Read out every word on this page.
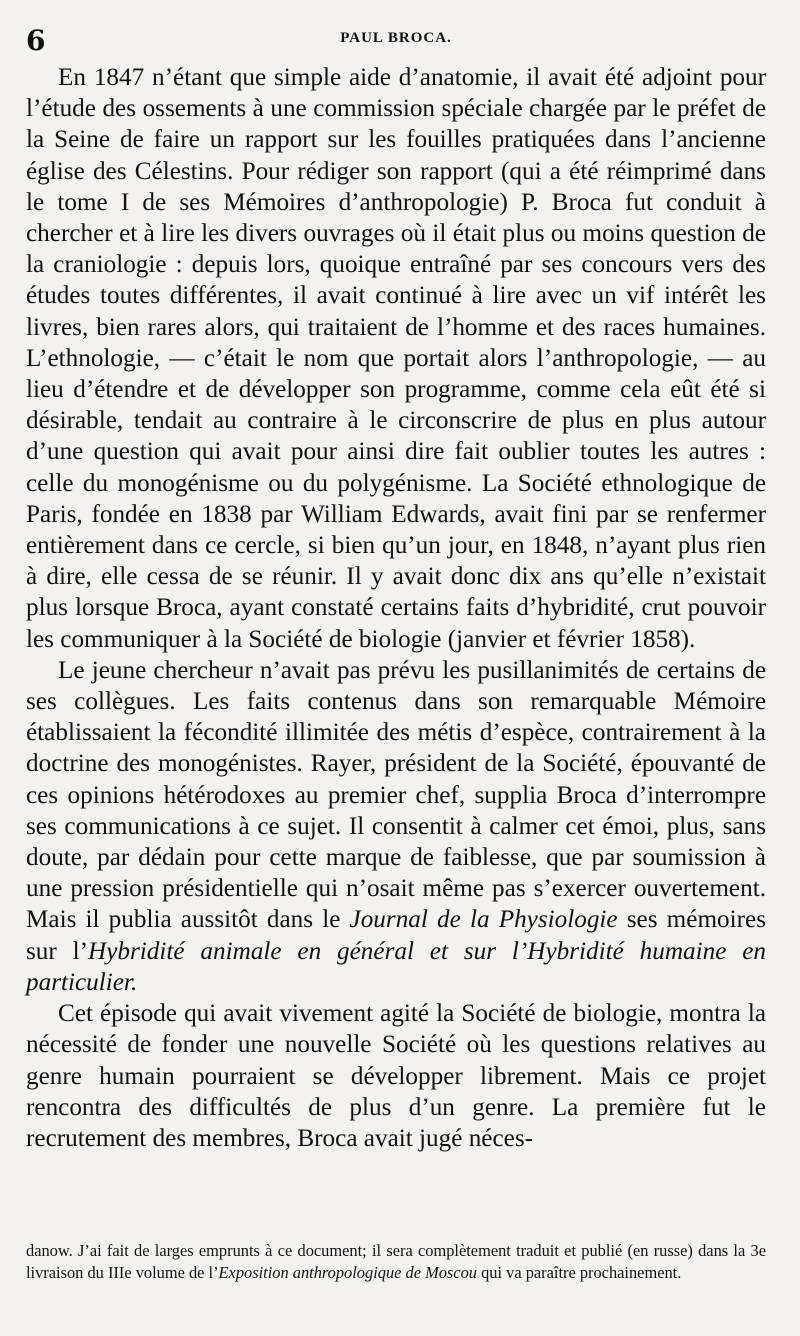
6	PAUL BROCA.

En 1847 n’étant que simple aide d’anatomie, il avait été adjoint pour l’étude des ossements à une commission spéciale chargée par le préfet de la Seine de faire un rapport sur les fouilles pratiquées dans l’ancienne église des Célestins. Pour rédiger son rapport (qui a été réimprimé dans le tome I de ses Mémoires d’anthropologie) P. Broca fut conduit à chercher et à lire les divers ouvrages où il était plus ou moins question de la craniologie : depuis lors, quoique entraîné par ses concours vers des études toutes différentes, il avait continué à lire avec un vif intérêt les livres, bien rares alors, qui traitaient de l’homme et des races humaines. L’ethnologie, — c’était le nom que portait alors l’anthropologie, — au lieu d’étendre et de développer son programme, comme cela eût été si désirable, tendait au contraire à le circonscrire de plus en plus autour d’une question qui avait pour ainsi dire fait oublier toutes les autres : celle du monogénisme ou du polygénisme. La Société ethnologique de Paris, fondée en 1838 par William Edwards, avait fini par se renfermer entièrement dans ce cercle, si bien qu’un jour, en 1848, n’ayant plus rien à dire, elle cessa de se réunir. Il y avait donc dix ans qu’elle n’existait plus lorsque Broca, ayant constaté certains faits d’hybridité, crut pouvoir les communiquer à la Société de biologie (janvier et février 1858).

Le jeune chercheur n’avait pas prévu les pusillanimités de certains de ses collègues. Les faits contenus dans son remarquable Mémoire établissaient la fécondité illimitée des métis d’espèce, contrairement à la doctrine des monogénistes. Rayer, président de la Société, épouvanté de ces opinions hétérodoxes au premier chef, supplia Broca d’interrompre ses communications à ce sujet. Il consentit à calmer cet émoi, plus, sans doute, par dédain pour cette marque de faiblesse, que par soumission à une pression présidentielle qui n’osait même pas s’exercer ouvertement. Mais il publia aussitôt dans le Journal de la Physiologie ses mémoires sur l’Hybridité animale en général et sur l’Hybridité humaine en particulier.

Cet épisode qui avait vivement agité la Société de biologie, montra la nécessité de fonder une nouvelle Société où les questions relatives au genre humain pourraient se développer librement. Mais ce projet rencontra des difficultés de plus d’un genre. La première fut le recrutement des membres, Broca avait jugé néces-

danow. J’ai fait de larges emprunts à ce document; il sera complètement traduit et publié (en russe) dans la 3e livraison du IIIe volume de l’Exposition anthropologique de Moscou qui va paraître prochainement.
